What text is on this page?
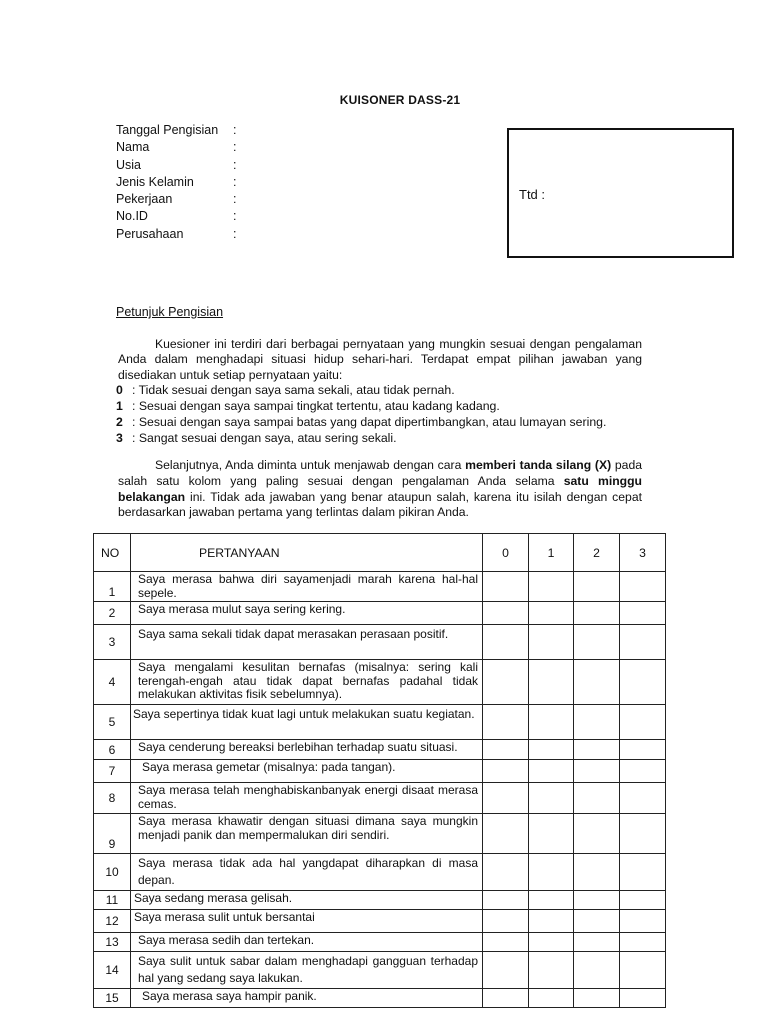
KUISONER DASS-21
Tanggal Pengisian	:
Nama	:
Usia	:
Jenis Kelamin	:
Pekerjaan	:
No.ID	:
Perusahaan	:
Ttd :
Petunjuk Pengisian
Kuesioner ini terdiri dari berbagai pernyataan yang mungkin sesuai dengan pengalaman Anda dalam menghadapi situasi hidup sehari-hari. Terdapat empat pilihan jawaban yang disediakan untuk setiap pernyataan yaitu:
0 : Tidak sesuai dengan saya sama sekali, atau tidak pernah.
1 : Sesuai dengan saya sampai tingkat tertentu, atau kadang kadang.
2 : Sesuai dengan saya sampai batas yang dapat dipertimbangkan, atau lumayan sering.
3 : Sangat sesuai dengan saya, atau sering sekali.
Selanjutnya, Anda diminta untuk menjawab dengan cara memberi tanda silang (X) pada salah satu kolom yang paling sesuai dengan pengalaman Anda selama satu minggu belakangan ini. Tidak ada jawaban yang benar ataupun salah, karena itu isilah dengan cepat berdasarkan jawaban pertama yang terlintas dalam pikiran Anda.
NO	PERTANYAAN	0	1	2	3
1	Saya merasa bahwa diri sayamenjadi marah karena hal-hal sepele.				
2	Saya merasa mulut saya sering kering.				
3	Saya sama sekali tidak dapat merasakan perasaan positif.				
4	Saya mengalami kesulitan bernafas (misalnya: sering kali terengah-engah atau tidak dapat bernafas padahal tidak melakukan aktivitas fisik sebelumnya).				
5	Saya sepertinya tidak kuat lagi untuk melakukan suatu kegiatan.				
6	Saya cenderung bereaksi berlebihan terhadap suatu situasi.				
7	Saya merasa gemetar (misalnya: pada tangan).				
8	Saya merasa telah menghabiskanbanyak energi disaat merasa cemas.				
9	Saya merasa khawatir dengan situasi dimana saya mungkin menjadi panik dan mempermalukan diri sendiri.				
10	Saya merasa tidak ada hal yangdapat diharapkan di masa depan.				
11	Saya sedang merasa gelisah.				
12	Saya merasa sulit untuk bersantai				
13	Saya merasa sedih dan tertekan.				
14	Saya sulit untuk sabar dalam menghadapi gangguan terhadap hal yang sedang saya lakukan.				
15	Saya merasa saya hampir panik.				
